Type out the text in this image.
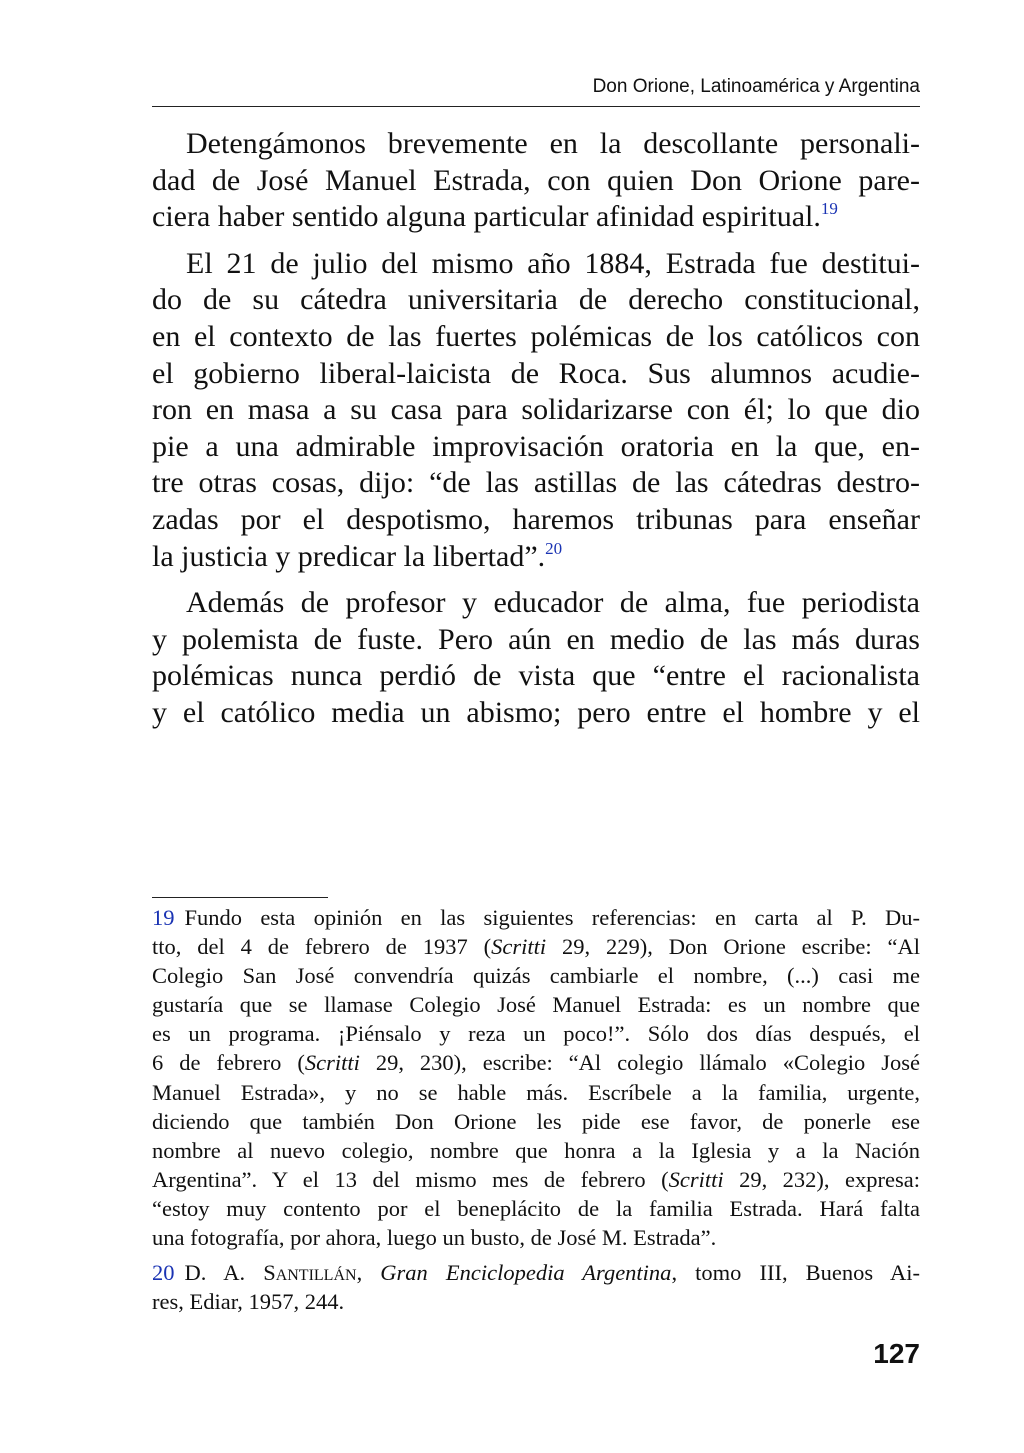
Don Orione, Latinoamérica y Argentina
Detengámonos brevemente en la descollante personali-
dad de José Manuel Estrada, con quien Don Orione pare-
ciera haber sentido alguna particular afinidad espiritual.$^{19}$
El 21 de julio del mismo año 1884, Estrada fue destitui-
do de su cátedra universitaria de derecho constitucional,
en el contexto de las fuertes polémicas de los católicos con
el gobierno liberal-laicista de Roca. Sus alumnos acudie-
ron en masa a su casa para solidarizarse con él; lo que dio
pie a una admirable improvisación oratoria en la que, en-
tre otras cosas, dijo: “de las astillas de las cátedras destro-
zadas por el despotismo, haremos tribunas para enseñar
la justicia y predicar la libertad”.$^{20}$
Además de profesor y educador de alma, fue periodista
y polemista de fuste. Pero aún en medio de las más duras
polémicas nunca perdió de vista que “entre el racionalista
y el católico media un abismo; pero entre el hombre y el
19 Fundo esta opinión en las siguientes referencias: en carta al P. Du-
tto, del 4 de febrero de 1937 (Scritti 29, 229), Don Orione escribe: “Al
Colegio San José convendría quizás cambiarle el nombre, (...) casi me
gustaría que se llamase Colegio José Manuel Estrada: es un nombre que
es un programa. ¡Piénsalo y reza un poco!”. Sólo dos días después, el
6 de febrero (Scritti 29, 230), escribe: “Al colegio llámalo «Colegio José
Manuel Estrada», y no se hable más. Escríbele a la familia, urgente,
diciendo que también Don Orione les pide ese favor, de ponerle ese
nombre al nuevo colegio, nombre que honra a la Iglesia y a la Nación
Argentina”. Y el 13 del mismo mes de febrero (Scritti 29, 232), expresa:
“estoy muy contento por el beneplácito de la familia Estrada. Hará falta
una fotografía, por ahora, luego un busto, de José M. Estrada”.
20 D. A. Santillán, Gran Enciclopedia Argentina, tomo III, Buenos Ai-
res, Ediar, 1957, 244.
127
